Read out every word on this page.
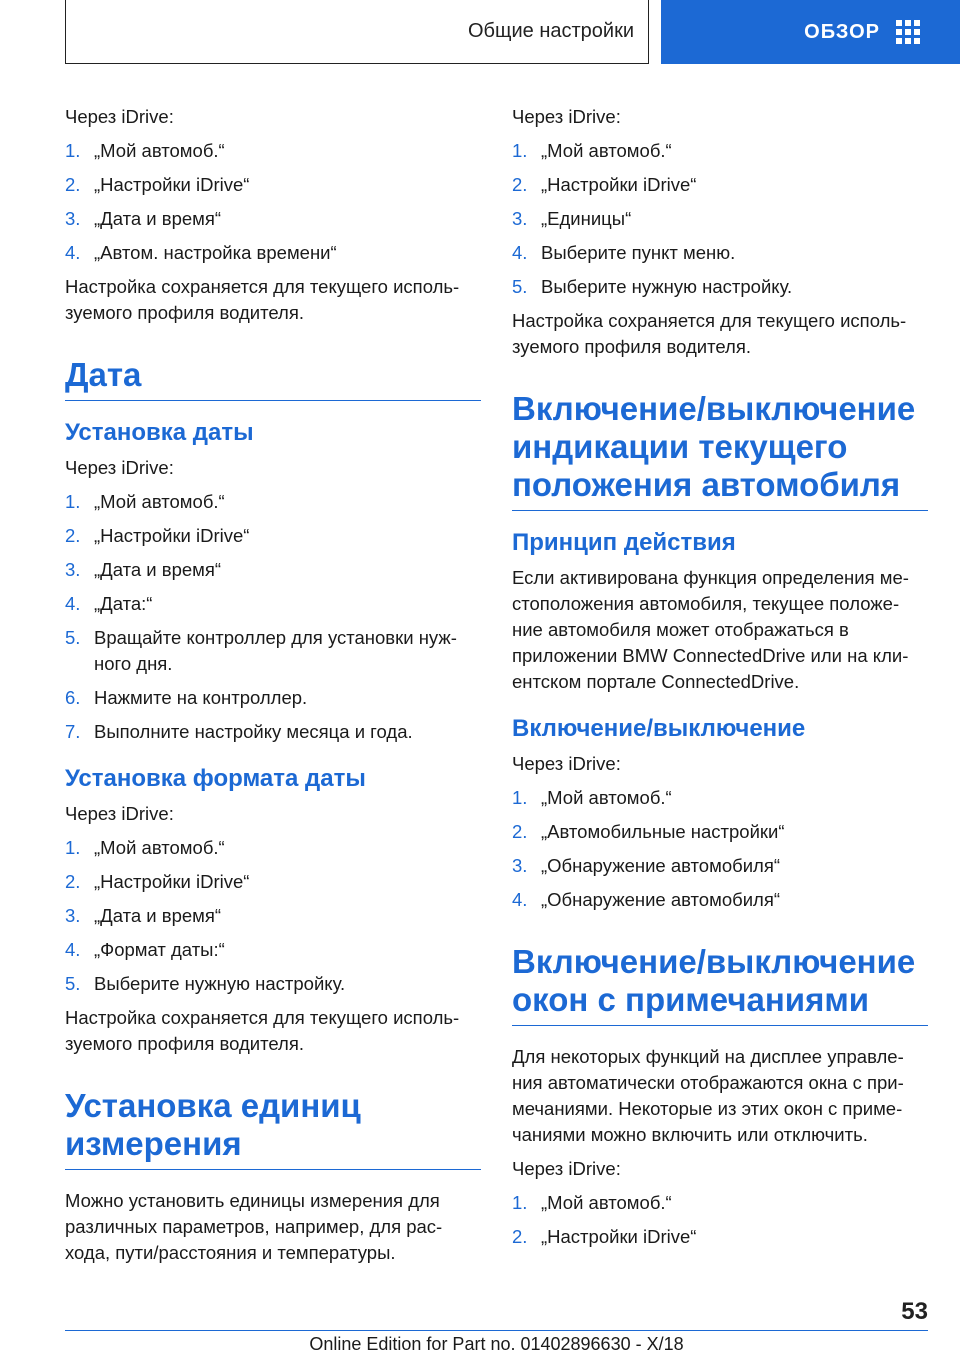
Общие настройки	ОБЗОР

Через iDrive:

1. „Мой автомоб.“
2. „Настройки iDrive“
3. „Дата и время“
4. „Автом. настройка времени“

Настройка сохраняется для текущего исполь-зуемого профиля водителя.

Дата
Установка даты

Через iDrive:

1. „Мой автомоб.“
2. „Настройки iDrive“
3. „Дата и время“
4. „Дата:“
5. Вращайте контроллер для установки нуж-ного дня.
6. Нажмите на контроллер.
7. Выполните настройку месяца и года.
Установка формата даты

Через iDrive:

1. „Мой автомоб.“
2. „Настройки iDrive“
3. „Дата и время“
4. „Формат даты:“
5. Выберите нужную настройку.

Настройка сохраняется для текущего исполь-зуемого профиля водителя.

Установка единиц измерения

Можно установить единицы измерения для различных параметров, например, для рас-хода, пути/расстояния и температуры.

Через iDrive:

1. „Мой автомоб.“
2. „Настройки iDrive“
3. „Единицы“
4. Выберите пункт меню.
5. Выберите нужную настройку.

Настройка сохраняется для текущего исполь-зуемого профиля водителя.

Включение/выключение индикации текущего положения автомобиля
Принцип действия

Если активирована функция определения ме-стоположения автомобиля, текущее положе-ние автомобиля может отображаться в приложении BMW ConnectedDrive или на кли-ентском портале ConnectedDrive.

Включение/выключение

Через iDrive:

1. „Мой автомоб.“
2. „Автомобильные настройки“
3. „Обнаружение автомобиля“
4. „Обнаружение автомобиля“
Включение/выключение окон с примечаниями

Для некоторых функций на дисплее управле-ния автоматически отображаются окна с при-мечаниями. Некоторые из этих окон с приме-чаниями можно включить или отключить.

Через iDrive:

1. „Мой автомоб.“
2. „Настройки iDrive“
53
Online Edition for Part no. 01402896630 - X/18
